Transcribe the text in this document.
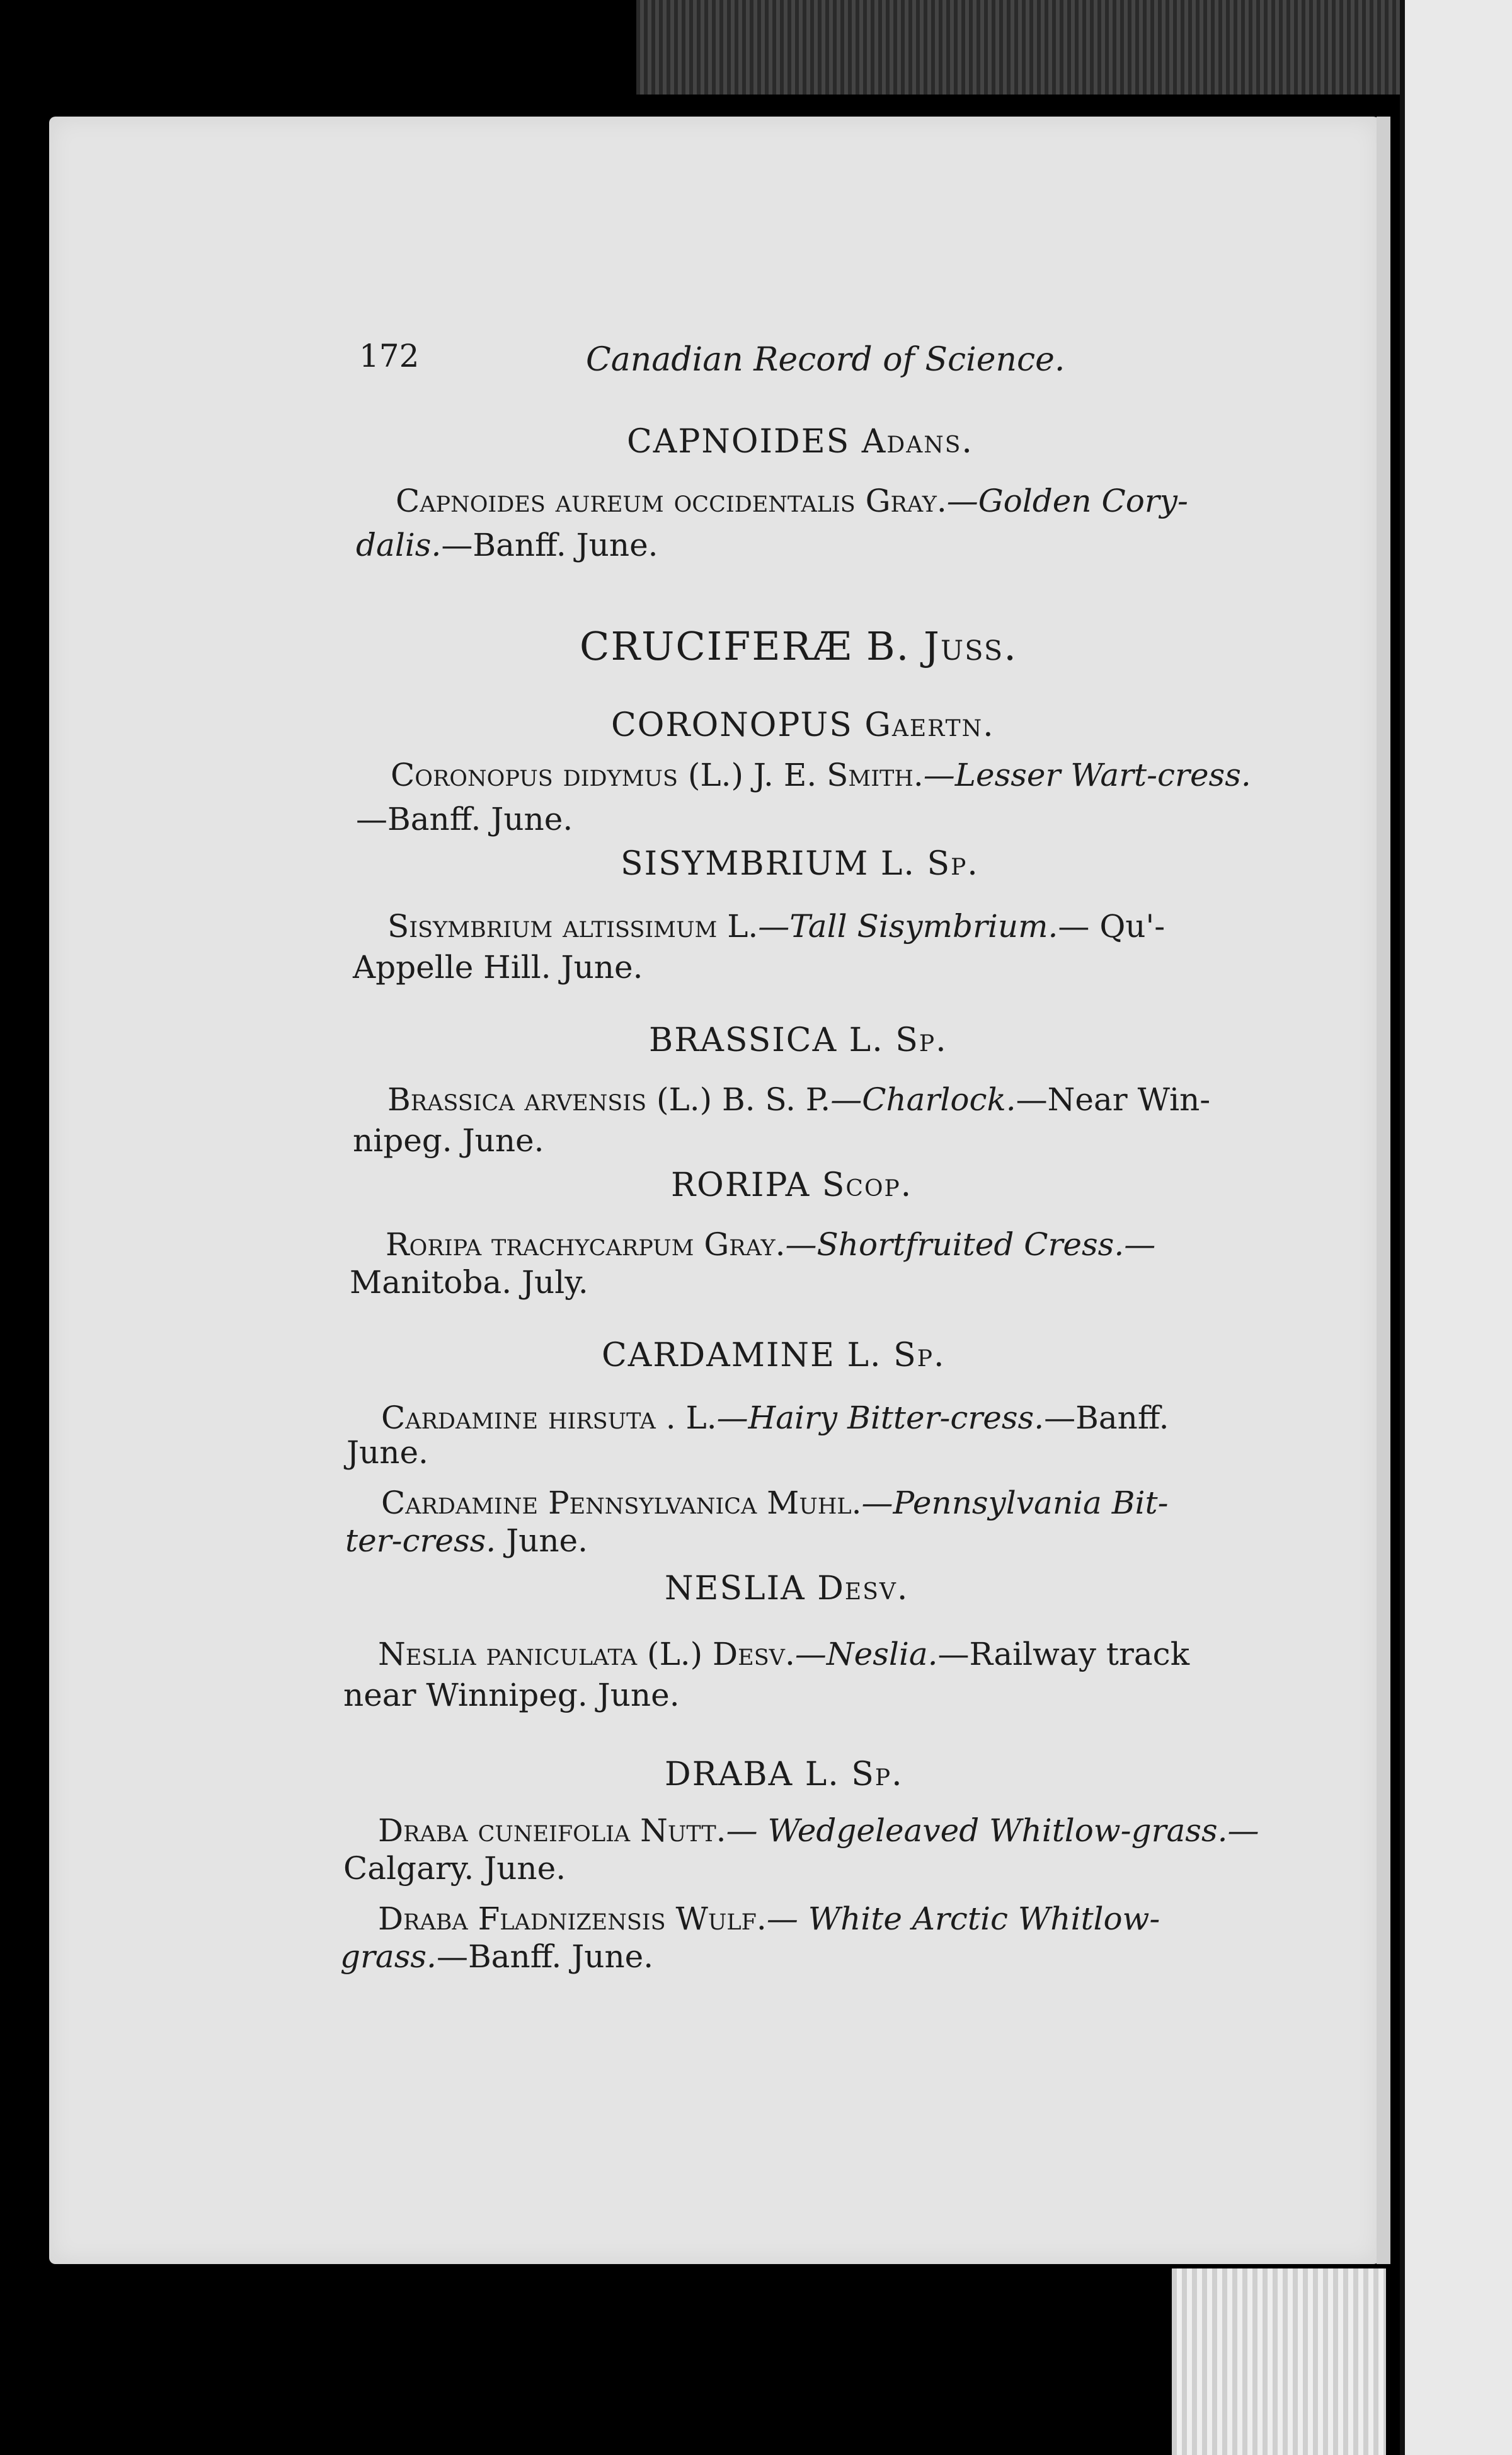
172	Canadian Record of Science.
CAPNOIDES Adans.
Capnoides aureum occidentalis Gray.—Golden Cory-
dalis.—Banff. June.
CRUCIFERÆ B. Juss.
CORONOPUS Gaertn.
Coronopus didymus (L.) J. E. Smith.—Lesser Wart-cress.
—Banff. June.
SISYMBRIUM L. Sp.
Sisymbrium altissimum L.—Tall Sisymbrium.— Qu'-
Appelle Hill. June.
BRASSICA L. Sp.
Brassica arvensis (L.) B. S. P.—Charlock.—Near Win-
nipeg. June.
RORIPA Scop.
Roripa trachycarpum Gray.—Shortfruited Cress.—
Manitoba. July.
CARDAMINE L. Sp.
Cardamine hirsuta . L.—Hairy Bitter-cress.—Banff.
June.
Cardamine Pennsylvanica Muhl.—Pennsylvania Bit-
ter-cress. June.
NESLIA Desv.
Neslia paniculata (L.) Desv.—Neslia.—Railway track
near Winnipeg. June.
DRABA L. Sp.
Draba cuneifolia Nutt.— Wedgeleaved Whitlow-grass.—
Calgary. June.
Draba Fladnizensis Wulf.— White Arctic Whitlow-
grass.—Banff. June.
